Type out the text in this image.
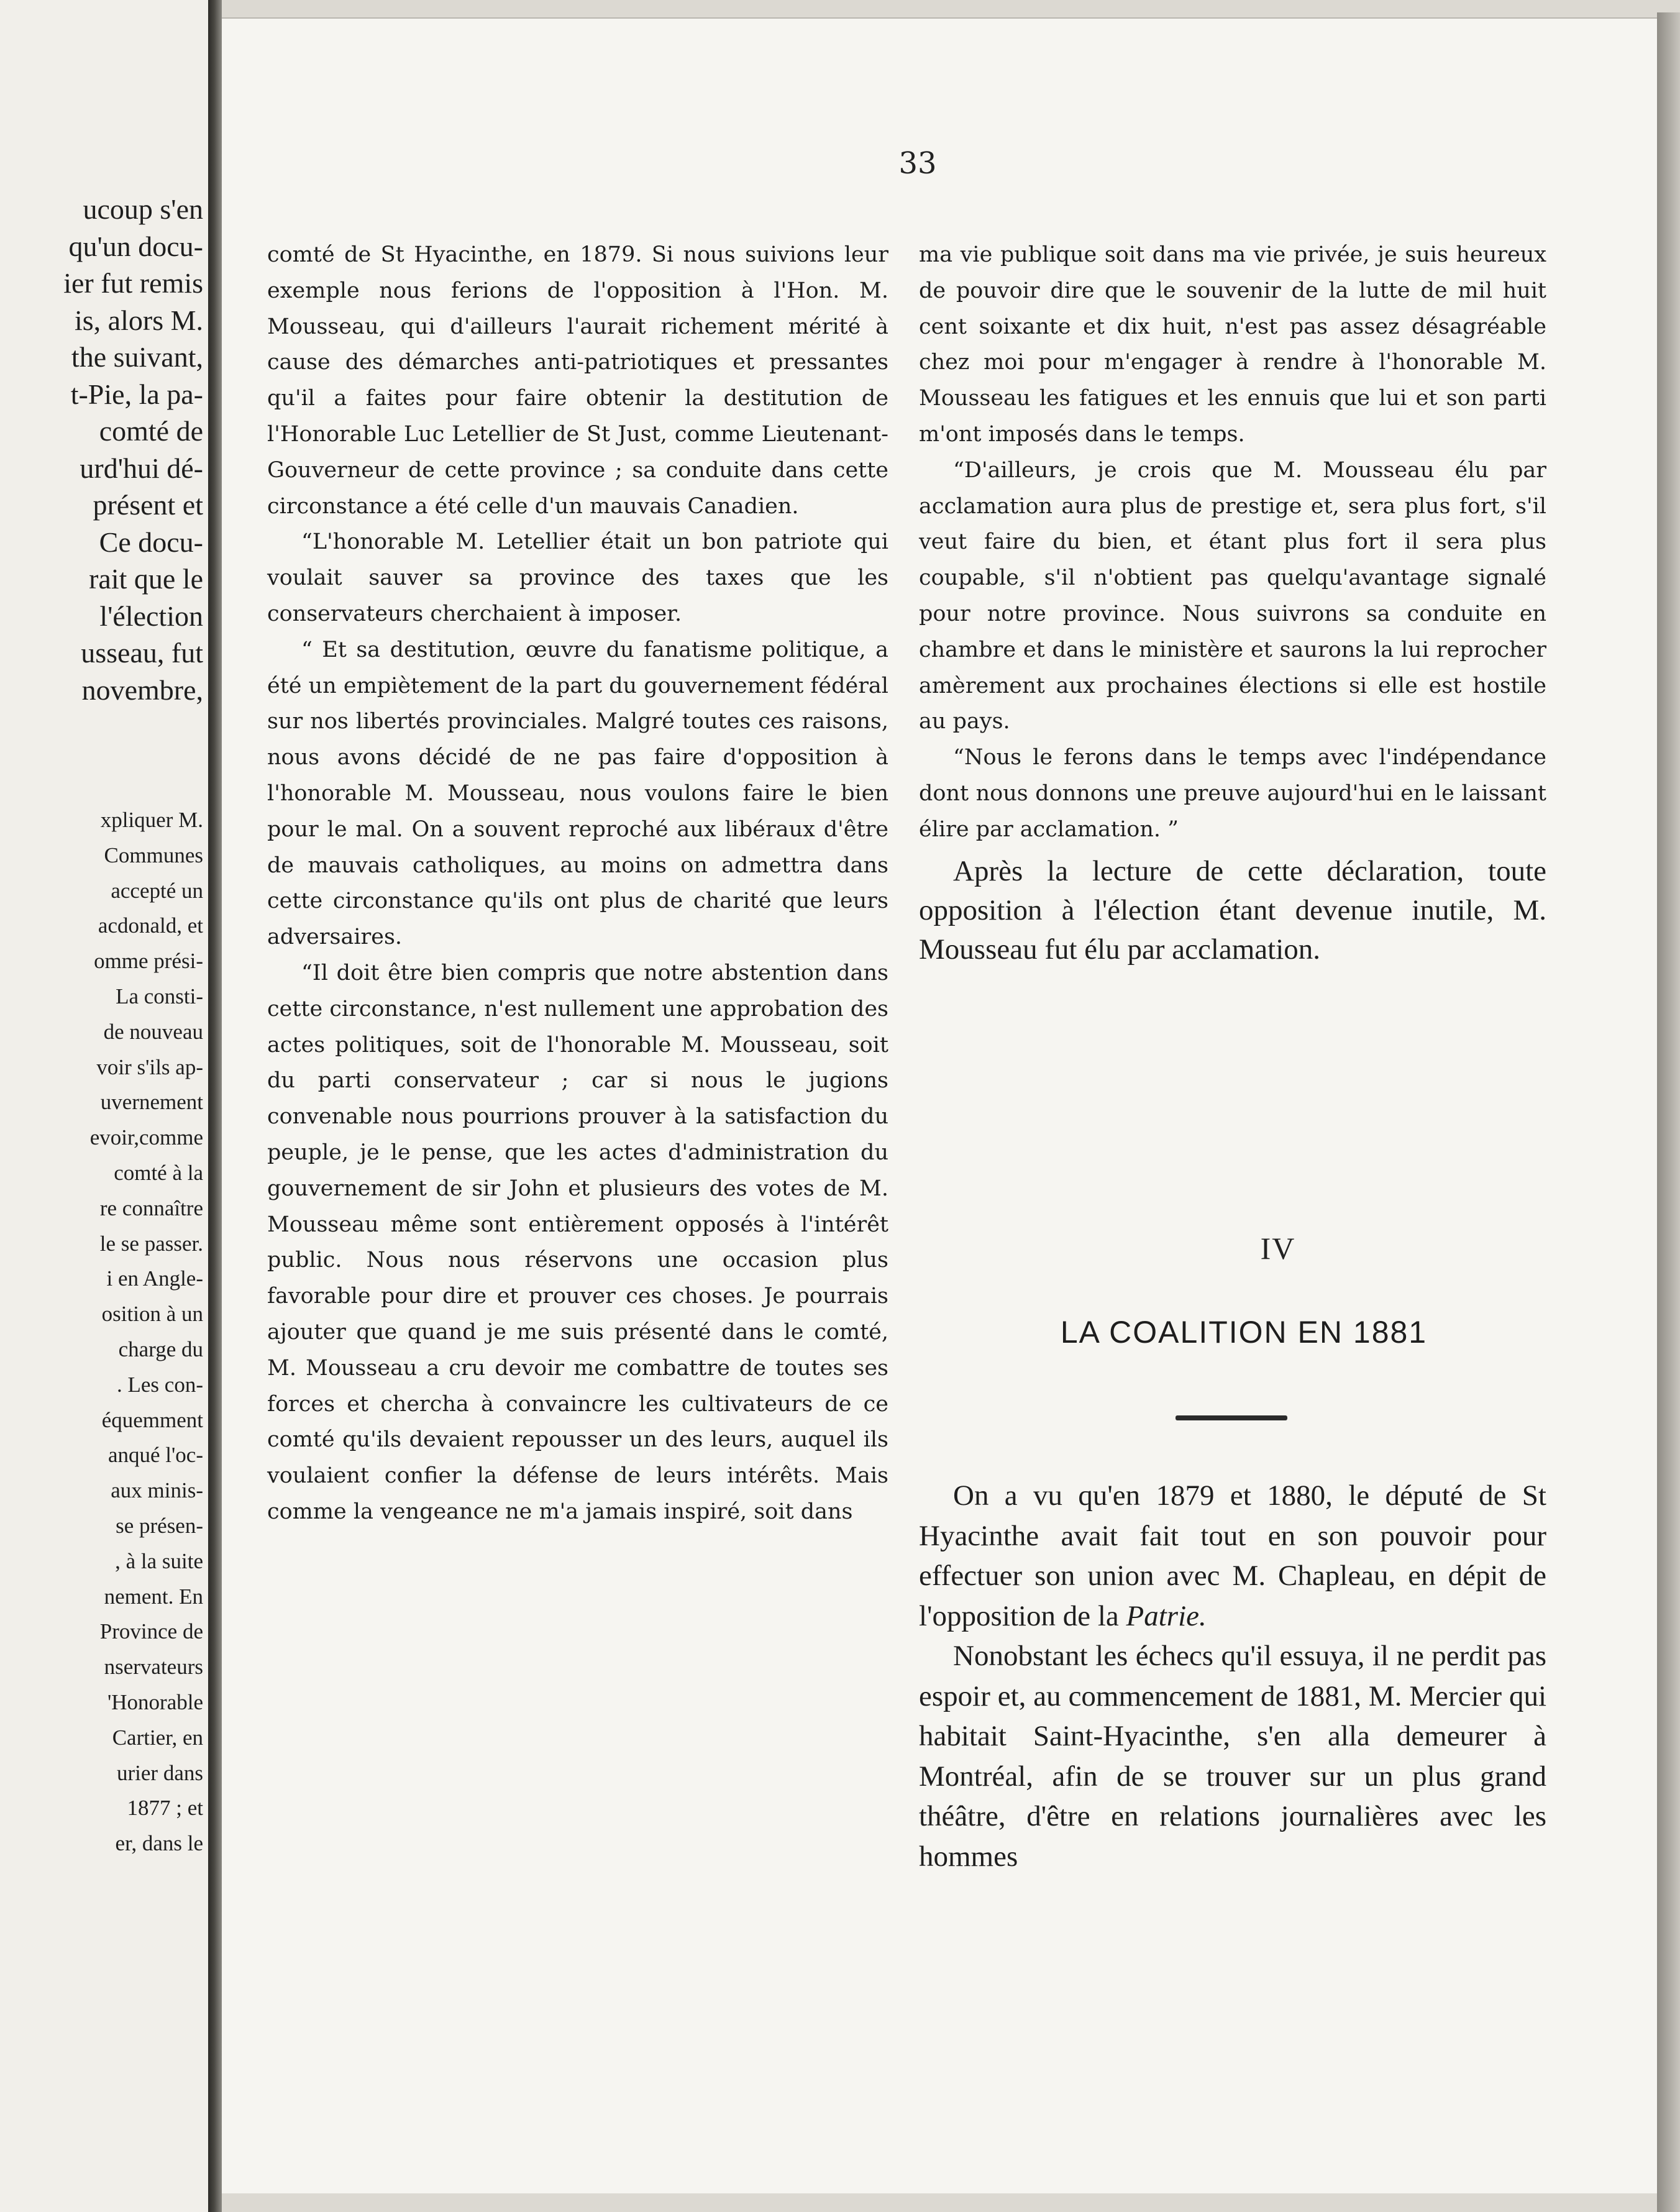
ucoup s'en
qu'un docu-
ier fut remis
is, alors M.
the suivant,
t-Pie, la pa-
comté de
urd'hui dé-
présent et
Ce docu-
rait que le
l'élection
usseau, fut
novembre,
xpliquer M.
Communes
accepté un
acdonald, et
omme prési-
La consti-
de nouveau
voir s'ils ap-
uvernement
evoir,comme
comté à la
re connaître
le se passer.
i en Angle-
osition à un
charge du
. Les con-
équemment
anqué l'oc-
aux minis-
se présen-
, à la suite
nement. En
Province de
nservateurs
'Honorable
Cartier, en
urier dans
1877 ; et
er, dans le
33

comté de St Hyacinthe, en 1879. Si nous suivions leur exemple nous ferions de l'opposition à l'Hon. M. Mousseau, qui d'ailleurs l'aurait richement mérité à cause des démarches anti-patriotiques et pressantes qu'il a faites pour faire obtenir la destitution de l'Honorable Luc Letellier de St Just, comme Lieutenant-Gouverneur de cette province ; sa conduite dans cette circonstance a été celle d'un mauvais Canadien.

“L'honorable M. Letellier était un bon patriote qui voulait sauver sa province des taxes que les conservateurs cherchaient à imposer.

“ Et sa destitution, œuvre du fanatisme politique, a été un empiètement de la part du gouvernement fédéral sur nos libertés provinciales. Malgré toutes ces raisons, nous avons décidé de ne pas faire d'opposition à l'honorable M. Mousseau, nous voulons faire le bien pour le mal. On a souvent reproché aux libéraux d'être de mauvais catholiques, au moins on admettra dans cette circonstance qu'ils ont plus de charité que leurs adversaires.

“Il doit être bien compris que notre abstention dans cette circonstance, n'est nullement une approbation des actes politiques, soit de l'honorable M. Mousseau, soit du parti conservateur ; car si nous le jugions convenable nous pourrions prouver à la satisfaction du peuple, je le pense, que les actes d'administration du gouvernement de sir John et plusieurs des votes de M. Mousseau même sont entièrement opposés à l'intérêt public. Nous nous réservons une occasion plus favorable pour dire et prouver ces choses. Je pourrais ajouter que quand je me suis présenté dans le comté, M. Mousseau a cru devoir me combattre de toutes ses forces et chercha à convaincre les cultivateurs de ce comté qu'ils devaient repousser un des leurs, auquel ils voulaient confier la défense de leurs intérêts. Mais comme la vengeance ne m'a jamais inspiré, soit dans

ma vie publique soit dans ma vie privée, je suis heureux de pouvoir dire que le souvenir de la lutte de mil huit cent soixante et dix huit, n'est pas assez désagréable chez moi pour m'engager à rendre à l'honorable M. Mousseau les fatigues et les ennuis que lui et son parti m'ont imposés dans le temps.

“D'ailleurs, je crois que M. Mousseau élu par acclamation aura plus de prestige et, sera plus fort, s'il veut faire du bien, et étant plus fort il sera plus coupable, s'il n'obtient pas quelqu'avantage signalé pour notre province. Nous suivrons sa conduite en chambre et dans le ministère et saurons la lui reprocher amèrement aux prochaines élections si elle est hostile au pays.

“Nous le ferons dans le temps avec l'indépendance dont nous donnons une preuve aujourd'hui en le laissant élire par acclamation. ”

Après la lecture de cette déclaration, toute opposition à l'élection étant devenue inutile, M. Mousseau fut élu par acclamation.

IV
LA COALITION EN 1881

On a vu qu'en 1879 et 1880, le député de St Hyacinthe avait fait tout en son pouvoir pour effectuer son union avec M. Chapleau, en dépit de l'opposition de la Patrie.

Nonobstant les échecs qu'il essuya, il ne perdit pas espoir et, au commencement de 1881, M. Mercier qui habitait Saint-Hyacinthe, s'en alla demeurer à Montréal, afin de se trouver sur un plus grand théâtre, d'être en relations journalières avec les hommes
